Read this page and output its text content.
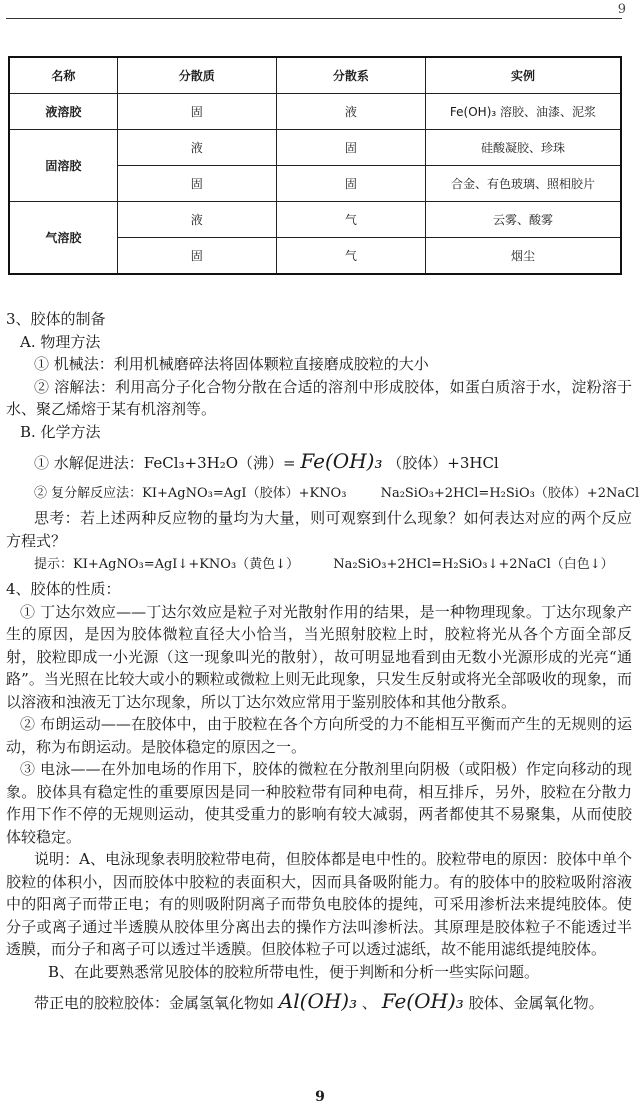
9
名称	分散质	分散系	实例
液溶胶	固	液	Fe(OH)₃ 溶胶、油漆、泥浆
固溶胶	液	固	硅酸凝胶、珍珠
	固	固	合金、有色玻璃、照相胶片
气溶胶	液	气	云雾、酸雾
	固	气	烟尘

3、胶体的制备

A. 物理方法

① 机械法：利用机械磨碎法将固体颗粒直接磨成胶粒的大小

② 溶解法：利用高分子化合物分散在合适的溶剂中形成胶体，如蛋白质溶于水，淀粉溶于水、聚乙烯熔于某有机溶剂等。

B. 化学方法

① 水解促进法：FeCl₃+3H₂O（沸）= Fe(OH)₃ （胶体）+3HCl

② 复分解反应法：KI+AgNO₃=AgI（胶体）+KNO₃	Na₂SiO₃+2HCl=H₂SiO₃（胶体）+2NaCl

思考：若上述两种反应物的量均为大量，则可观察到什么现象？如何表达对应的两个反应方程式？

提示：KI+AgNO₃=AgI↓+KNO₃（黄色↓）	Na₂SiO₃+2HCl=H₂SiO₃↓+2NaCl（白色↓）

4、胶体的性质：

① 丁达尔效应——丁达尔效应是粒子对光散射作用的结果，是一种物理现象。丁达尔现象产生的原因，是因为胶体微粒直径大小恰当，当光照射胶粒上时，胶粒将光从各个方面全部反射，胶粒即成一小光源（这一现象叫光的散射），故可明显地看到由无数小光源形成的光亮“通路”。当光照在比较大或小的颗粒或微粒上则无此现象，只发生反射或将光全部吸收的现象，而以溶液和浊液无丁达尔现象，所以丁达尔效应常用于鉴别胶体和其他分散系。

② 布朗运动——在胶体中，由于胶粒在各个方向所受的力不能相互平衡而产生的无规则的运动，称为布朗运动。是胶体稳定的原因之一。

③ 电泳——在外加电场的作用下，胶体的微粒在分散剂里向阴极（或阳极）作定向移动的现象。胶体具有稳定性的重要原因是同一种胶粒带有同种电荷，相互排斥，另外，胶粒在分散力作用下作不停的无规则运动，使其受重力的影响有较大减弱，两者都使其不易聚集，从而使胶体较稳定。

说明：A、电泳现象表明胶粒带电荷，但胶体都是电中性的。胶粒带电的原因：胶体中单个胶粒的体积小，因而胶体中胶粒的表面积大，因而具备吸附能力。有的胶体中的胶粒吸附溶液中的阳离子而带正电；有的则吸附阴离子而带负电胶体的提纯，可采用渗析法来提纯胶体。使分子或离子通过半透膜从胶体里分离出去的操作方法叫渗析法。其原理是胶体粒子不能透过半透膜，而分子和离子可以透过半透膜。但胶体粒子可以透过滤纸，故不能用滤纸提纯胶体。

B、在此要熟悉常见胶体的胶粒所带电性，便于判断和分析一些实际问题。

带正电的胶粒胶体：金属氢氧化物如 Al(OH)₃ 、 Fe(OH)₃ 胶体、金属氧化物。

9
